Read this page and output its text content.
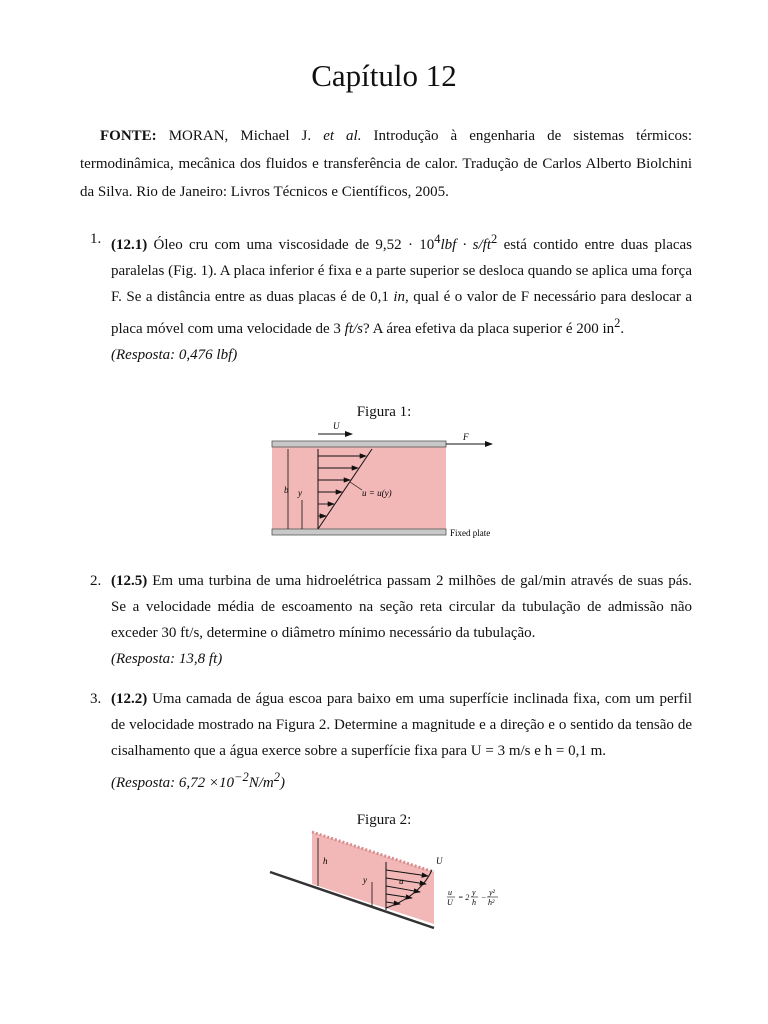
Capítulo 12

FONTE: MORAN, Michael J. et al. Introdução à engenharia de sistemas térmicos: termodinâmica, mecânica dos fluidos e transferência de calor. Tradução de Carlos Alberto Biolchini da Silva. Rio de Janeiro: Livros Técnicos e Científicos, 2005.

1. (12.1) Óleo cru com uma viscosidade de $9,52 \cdot 10^4lbf \cdot s/ft^2$ está contido entre duas placas paralelas (Fig. 1). A placa inferior é fixa e a parte superior se desloca quando se aplica uma força F. Se a distância entre as duas placas é de 0,1 in, qual é o valor de F necessário para deslocar a placa móvel com uma velocidade de 3 ft/s? A área efetiva da placa superior é 200 $in^2$.
(Resposta: 0,476 lbf)
Figura 1:
U
F
b y	u = u(y)
Fixed plate
2. (12.5) Em uma turbina de uma hidroelétrica passam 2 milhões de gal/min através de suas pás. Se a velocidade média de escoamento na seção reta circular da tubulação de admissão não exceder 30 ft/s, determine o diâmetro mínimo necessário da tubulação.
(Resposta: 13,8 ft)
3. (12.2) Uma camada de água escoa para baixo em uma superfície inclinada fixa, com um perfil de velocidade mostrado na Figura 2. Determine a magnitude e a direção e o sentido da tensão de cisalhamento que a água exerce sobre a superfície fixa para U = 3 m/s e h = 0,1 m.
(Resposta: $6,72 \times 10^{-2}N/m^2$)
Figura 2:
h
y	u
U
u
U
= 2
y
h
−
y²
h²
